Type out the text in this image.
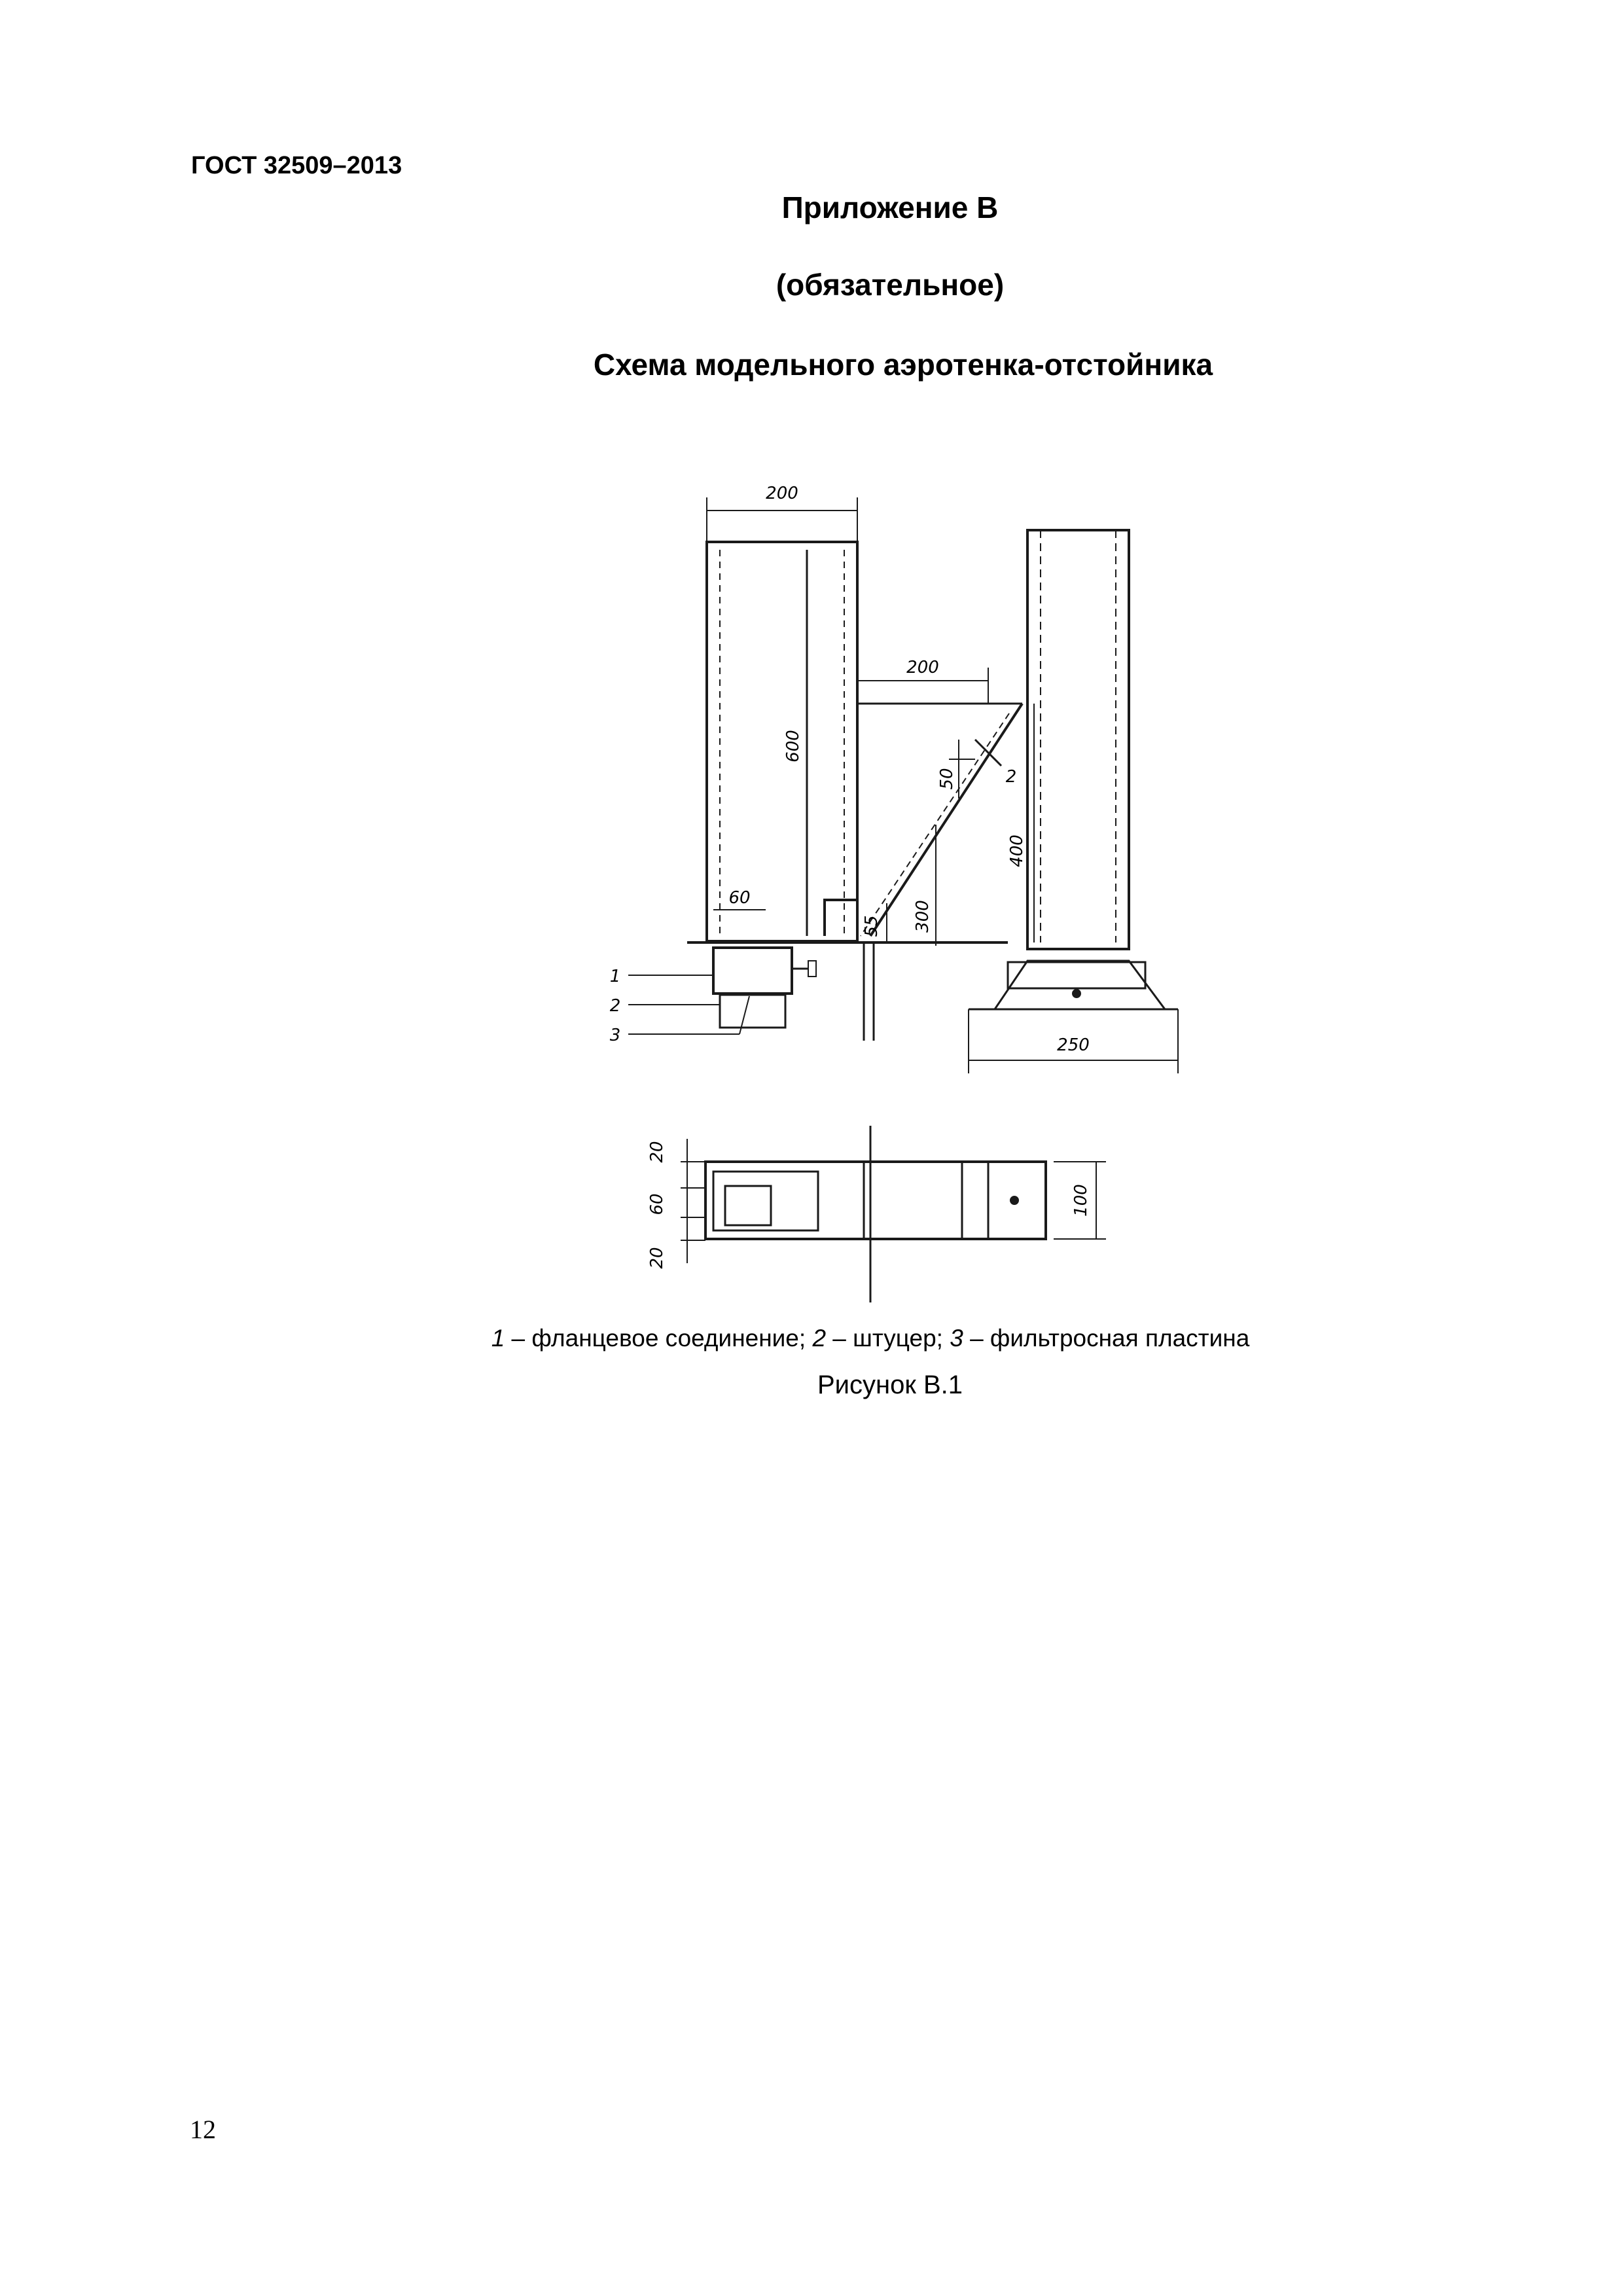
ГОСТ 32509–2013
Приложение В
(обязательное)
Схема модельного аэротенка-отстойника
200
600
200
50
400
300
55
60
250
20
60
20
100
1
2
3
2
1 – фланцевое соединение; 2 – штуцер; 3 – фильтросная пластина
Рисунок В.1
12
